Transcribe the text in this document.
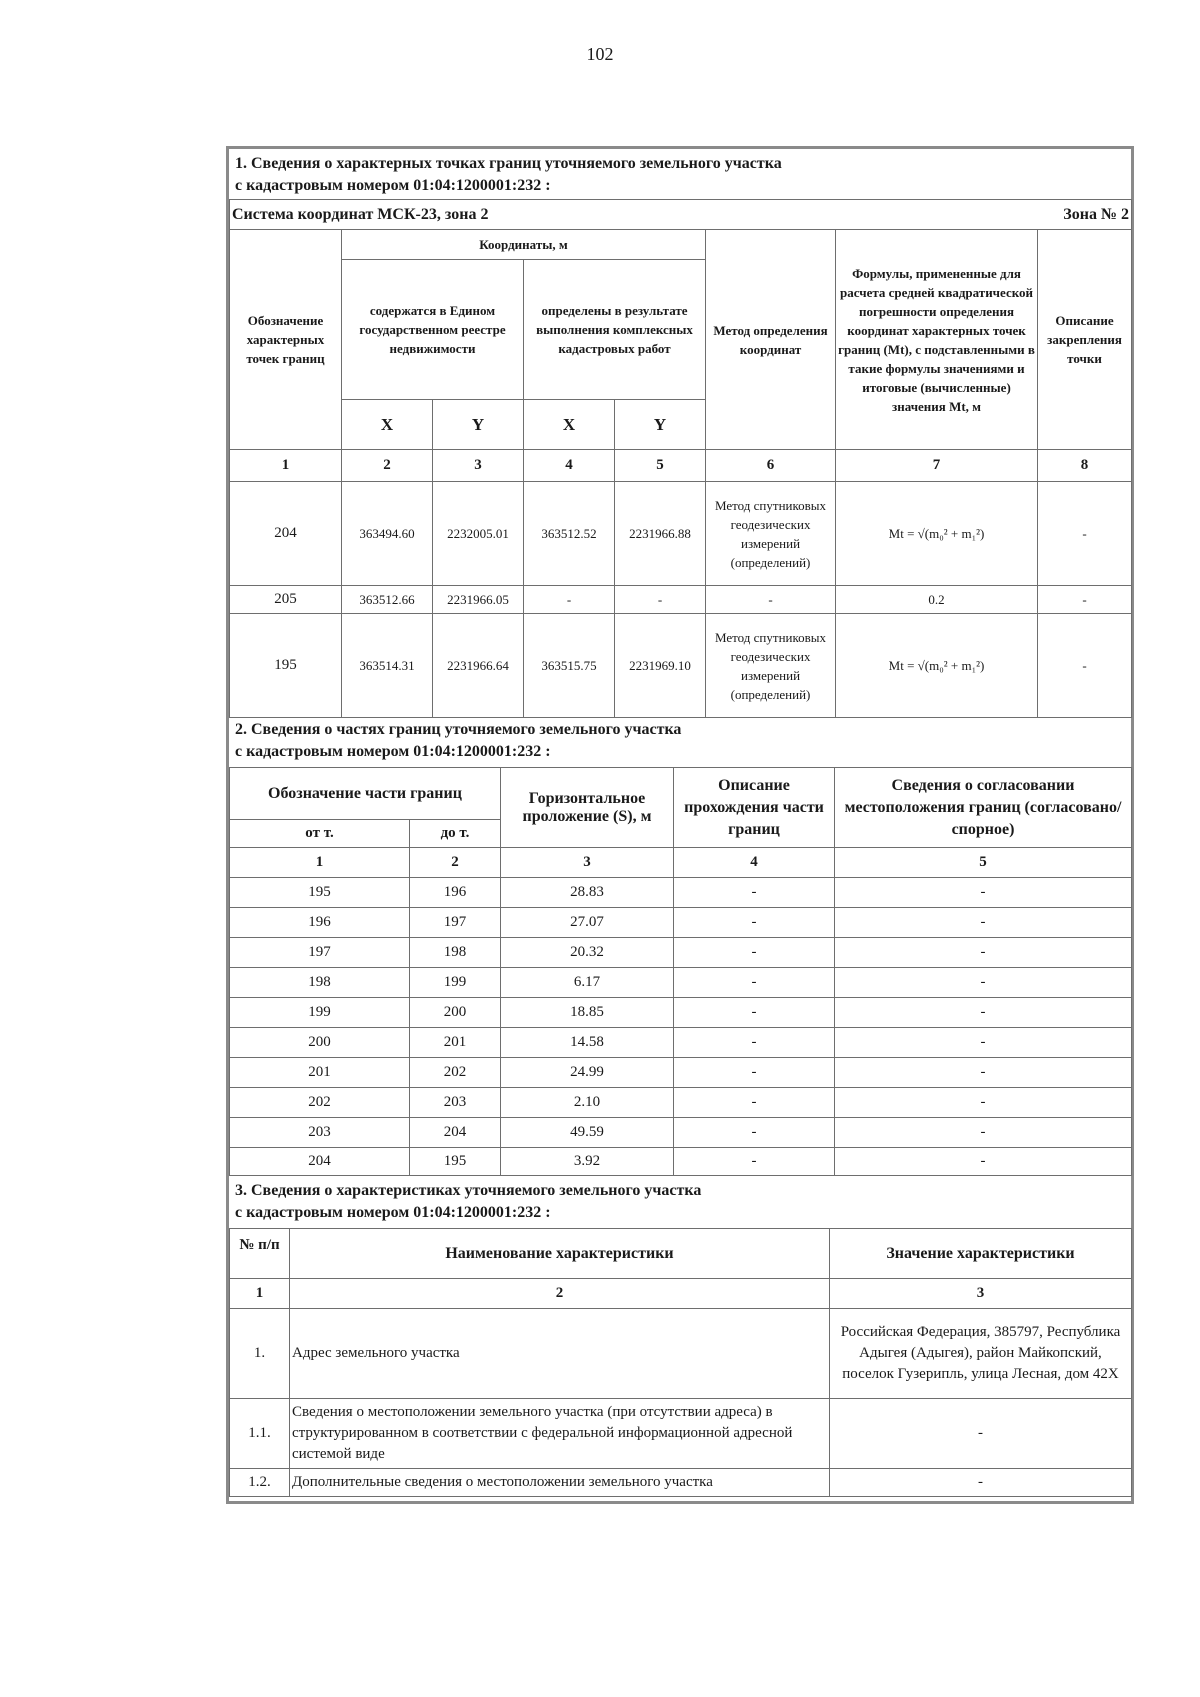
102
1. Сведения о характерных точках границ уточняемого земельного участка
с кадастровым номером 01:04:1200001:232 :
Система координат МСК-23, зона 2						Зона № 2	
Обозначение характерных точек границ	Координаты, м				Метод определения координат	Формулы, примененные для расчета средней квадратической погрешности определения координат характерных точек границ (Mt), с подставленными в такие формулы значениями и итоговые (вычисленные) значения Mt, м	Описание закрепления точки
	содержатся в Едином государственном реестре недвижимости		определены в результате выполнения комплексных кадастровых работ				
	X	Y	X	Y			
1	2	3	4	5	6	7	8
204	363494.60	2232005.01	363512.52	2231966.88	Метод спутниковых геодезических измерений (определений)	Mt = √(m₀² + m₁²)	-
205	363512.66	2231966.05	-	-	-	0.2	-
195	363514.31	2231966.64	363515.75	2231969.10	Метод спутниковых геодезических измерений (определений)	Mt = √(m₀² + m₁²)	-
2. Сведения о частях границ уточняемого земельного участка
с кадастровым номером 01:04:1200001:232 :
Обозначение части границ		Горизонтальное проложение (S), м	Описание прохождения части границ	Сведения о согласовании местоположения границ (согласовано/спорное)
от т.	до т.			
1	2	3	4	5
195	196	28.83	-	-
196	197	27.07	-	-
197	198	20.32	-	-
198	199	6.17	-	-
199	200	18.85	-	-
200	201	14.58	-	-
201	202	24.99	-	-
202	203	2.10	-	-
203	204	49.59	-	-
204	195	3.92	-	-
3. Сведения о характеристиках уточняемого земельного участка
с кадастровым номером 01:04:1200001:232 :
№ п/п	Наименование характеристики	Значение характеристики
1	2	3
1.	Адрес земельного участка	Российская Федерация, 385797, Республика Адыгея (Адыгея), район Майкопский, поселок Гузерипль, улица Лесная, дом 42Х
1.1.	Сведения о местоположении земельного участка (при отсутствии адреса) в структурированном в соответствии с федеральной информационной адресной системой виде	-
1.2.	Дополнительные сведения о местоположении земельного участка	-
